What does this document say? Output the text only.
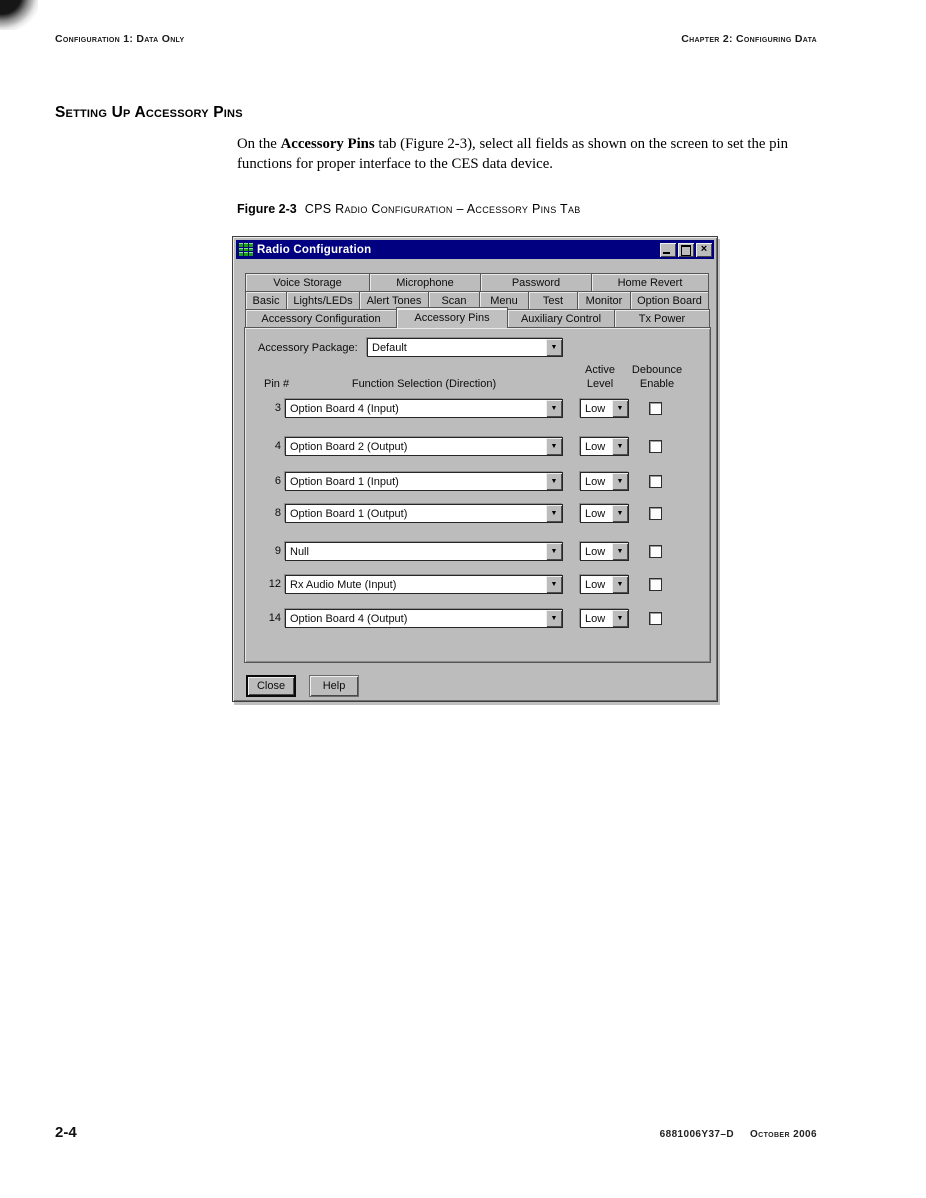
Configuration 1: Data Only	Chapter 2: Configuring Data
Setting Up Accessory Pins
On the Accessory Pins tab (Figure 2-3), select all fields as shown on the screen to set the pin functions for proper interface to the CES data device.
Figure 2-3 CPS Radio Configuration – Accessory Pins Tab
Radio Configuration	×
Voice Storage	Microphone	Password	Home Revert
Basic Lights/LEDs Alert Tones Scan Menu Test Monitor Option Board
Accessory Configuration	Accessory Pins	Auxiliary Control	Tx Power
Accessory Package:	Default	▼
Pin #	Function Selection (Direction)
Active
Level
Debounce
Enable
3 Option Board 4 (Input)	▼	Low	▼
4 Option Board 2 (Output)	▼	Low	▼
6 Option Board 1 (Input)	▼	Low	▼
8 Option Board 1 (Output)	▼	Low	▼
9 Null	▼	Low	▼
12 Rx Audio Mute (Input)	▼	Low	▼
14 Option Board 4 (Output)	▼	Low	▼
Close	Help
2-4	6881006Y37–D October 2006
